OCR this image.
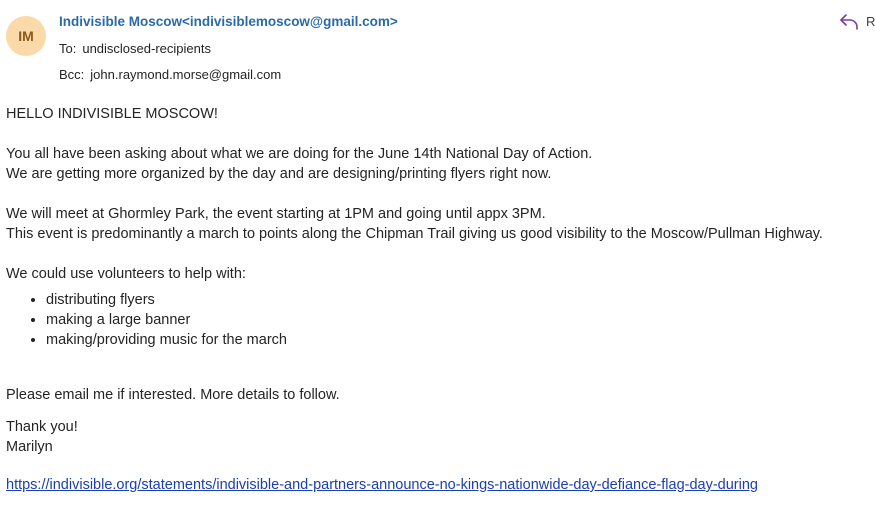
IM
Indivisible Moscow<indivisiblemoscow@gmail.com>
To: undisclosed-recipients
Bcc: john.raymond.morse@gmail.com
R

HELLO INDIVISIBLE MOSCOW!

You all have been asking about what we are doing for the June 14th National Day of Action.

We are getting more organized by the day and are designing/printing flyers right now.

We will meet at Ghormley Park, the event starting at 1PM and going until appx 3PM.

This event is predominantly a march to points along the Chipman Trail giving us good visibility to the Moscow/Pullman Highway.

We could use volunteers to help with:

• distributing flyers
• making a large banner
• making/providing music for the march

Please email me if interested. More details to follow.

Thank you!

Marilyn

https://indivisible.org/statements/indivisible-and-partners-announce-no-kings-nationwide-day-defiance-flag-day-during
